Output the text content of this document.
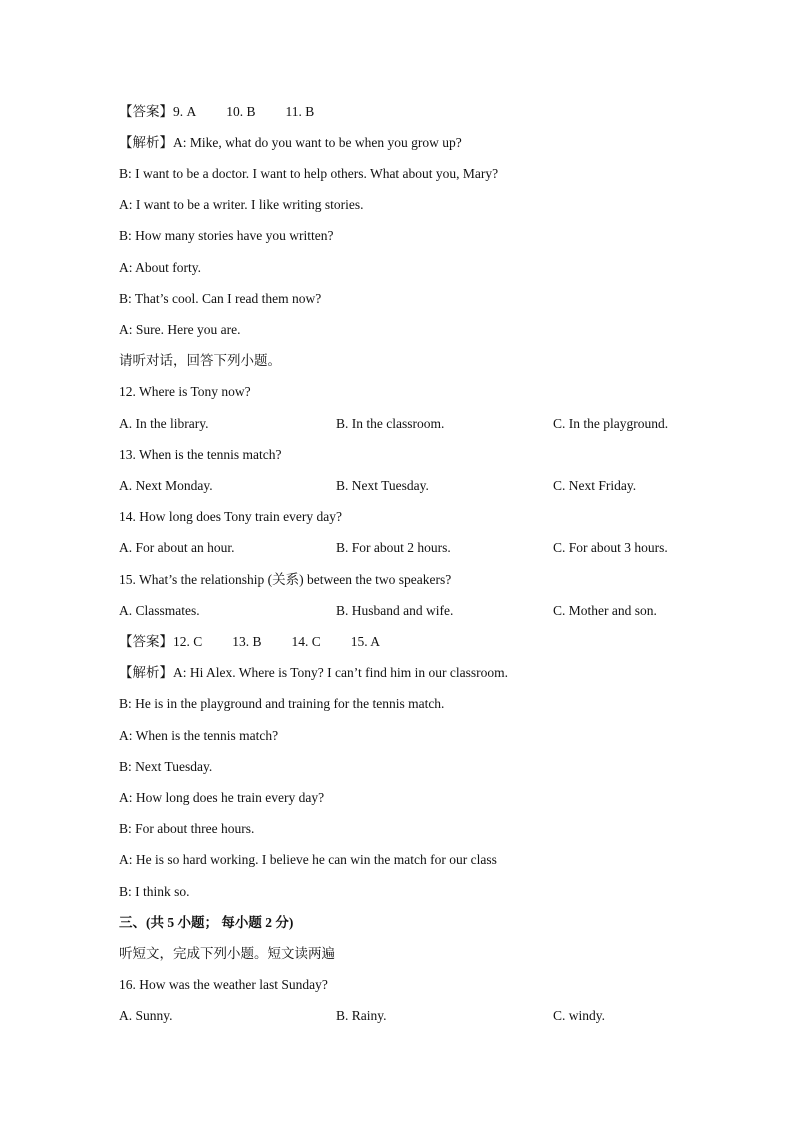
【答案】9. A 10. B 11. B
【解析】A: Mike, what do you want to be when you grow up?
B: I want to be a doctor. I want to help others. What about you, Mary?
A: I want to be a writer. I like writing stories.
B: How many stories have you written?
A: About forty.
B: That’s cool. Can I read them now?
A: Sure. Here you are.
请听对话，回答下列小题。
12. Where is Tony now?
A. In the library.	B. In the classroom.	C. In the playground.
13. When is the tennis match?
A. Next Monday.	B. Next Tuesday.	C. Next Friday.
14. How long does Tony train every day?
A. For about an hour.	B. For about 2 hours.	C. For about 3 hours.
15. What’s the relationship (关系) between the two speakers?
A. Classmates.	B. Husband and wife.	C. Mother and son.
【答案】12. C 13. B 14. C 15. A
【解析】A: Hi Alex. Where is Tony? I can’t find him in our classroom.
B: He is in the playground and training for the tennis match.
A: When is the tennis match?
B: Next Tuesday.
A: How long does he train every day?
B: For about three hours.
A: He is so hard working. I believe he can win the match for our class
B: I think so.
三、(共 5 小题； 每小题 2 分)
听短文，完成下列小题。短文读两遍
16. How was the weather last Sunday?
A. Sunny.	B. Rainy.	C. windy.
